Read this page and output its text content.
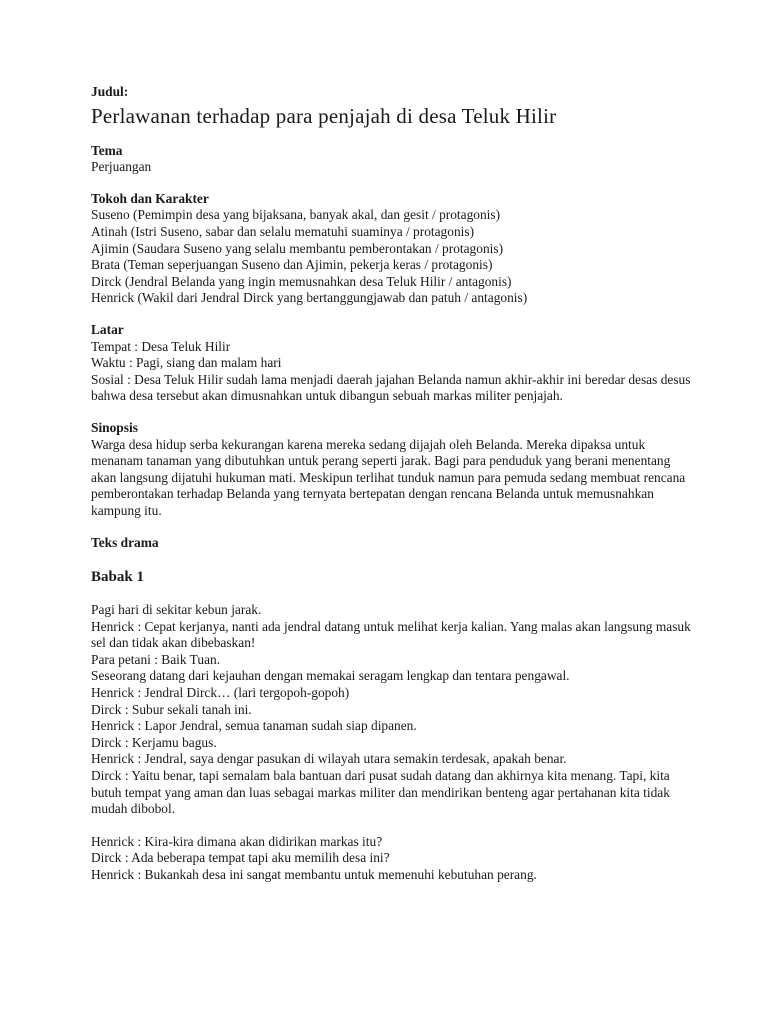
Judul:

Perlawanan terhadap para penjajah di desa Teluk Hilir

Tema

Perjuangan

Tokoh dan Karakter

Suseno (Pemimpin desa yang bijaksana, banyak akal, dan gesit / protagonis)

Atinah (Istri Suseno, sabar dan selalu mematuhi suaminya / protagonis)

Ajimin (Saudara Suseno yang selalu membantu pemberontakan / protagonis)

Brata (Teman seperjuangan Suseno dan Ajimin, pekerja keras / protagonis)

Dirck (Jendral Belanda yang ingin memusnahkan desa Teluk Hilir / antagonis)

Henrick (Wakil dari Jendral Dirck yang bertanggungjawab dan patuh / antagonis)

Latar

Tempat : Desa Teluk Hilir

Waktu : Pagi, siang dan malam hari

Sosial : Desa Teluk Hilir sudah lama menjadi daerah jajahan Belanda namun akhir-akhir ini beredar desas desus bahwa desa tersebut akan dimusnahkan untuk dibangun sebuah markas militer penjajah.

Sinopsis

Warga desa hidup serba kekurangan karena mereka sedang dijajah oleh Belanda. Mereka dipaksa untuk menanam tanaman yang dibutuhkan untuk perang seperti jarak. Bagi para penduduk yang berani menentang akan langsung dijatuhi hukuman mati. Meskipun terlihat tunduk namun para pemuda sedang membuat rencana pemberontakan terhadap Belanda yang ternyata bertepatan dengan rencana Belanda untuk memusnahkan kampung itu.

Teks drama

Babak 1

Pagi hari di sekitar kebun jarak.

Henrick : Cepat kerjanya, nanti ada jendral datang untuk melihat kerja kalian. Yang malas akan langsung masuk sel dan tidak akan dibebaskan!

Para petani : Baik Tuan.

Seseorang datang dari kejauhan dengan memakai seragam lengkap dan tentara pengawal.

Henrick : Jendral Dirck… (lari tergopoh-gopoh)

Dirck : Subur sekali tanah ini.

Henrick : Lapor Jendral, semua tanaman sudah siap dipanen.

Dirck : Kerjamu bagus.

Henrick : Jendral, saya dengar pasukan di wilayah utara semakin terdesak, apakah benar.

Dirck : Yaitu benar, tapi semalam bala bantuan dari pusat sudah datang dan akhirnya kita menang. Tapi, kita butuh tempat yang aman dan luas sebagai markas militer dan mendirikan benteng agar pertahanan kita tidak mudah dibobol.

Henrick : Kira-kira dimana akan didirikan markas itu?

Dirck : Ada beberapa tempat tapi aku memilih desa ini?

Henrick : Bukankah desa ini sangat membantu untuk memenuhi kebutuhan perang.
